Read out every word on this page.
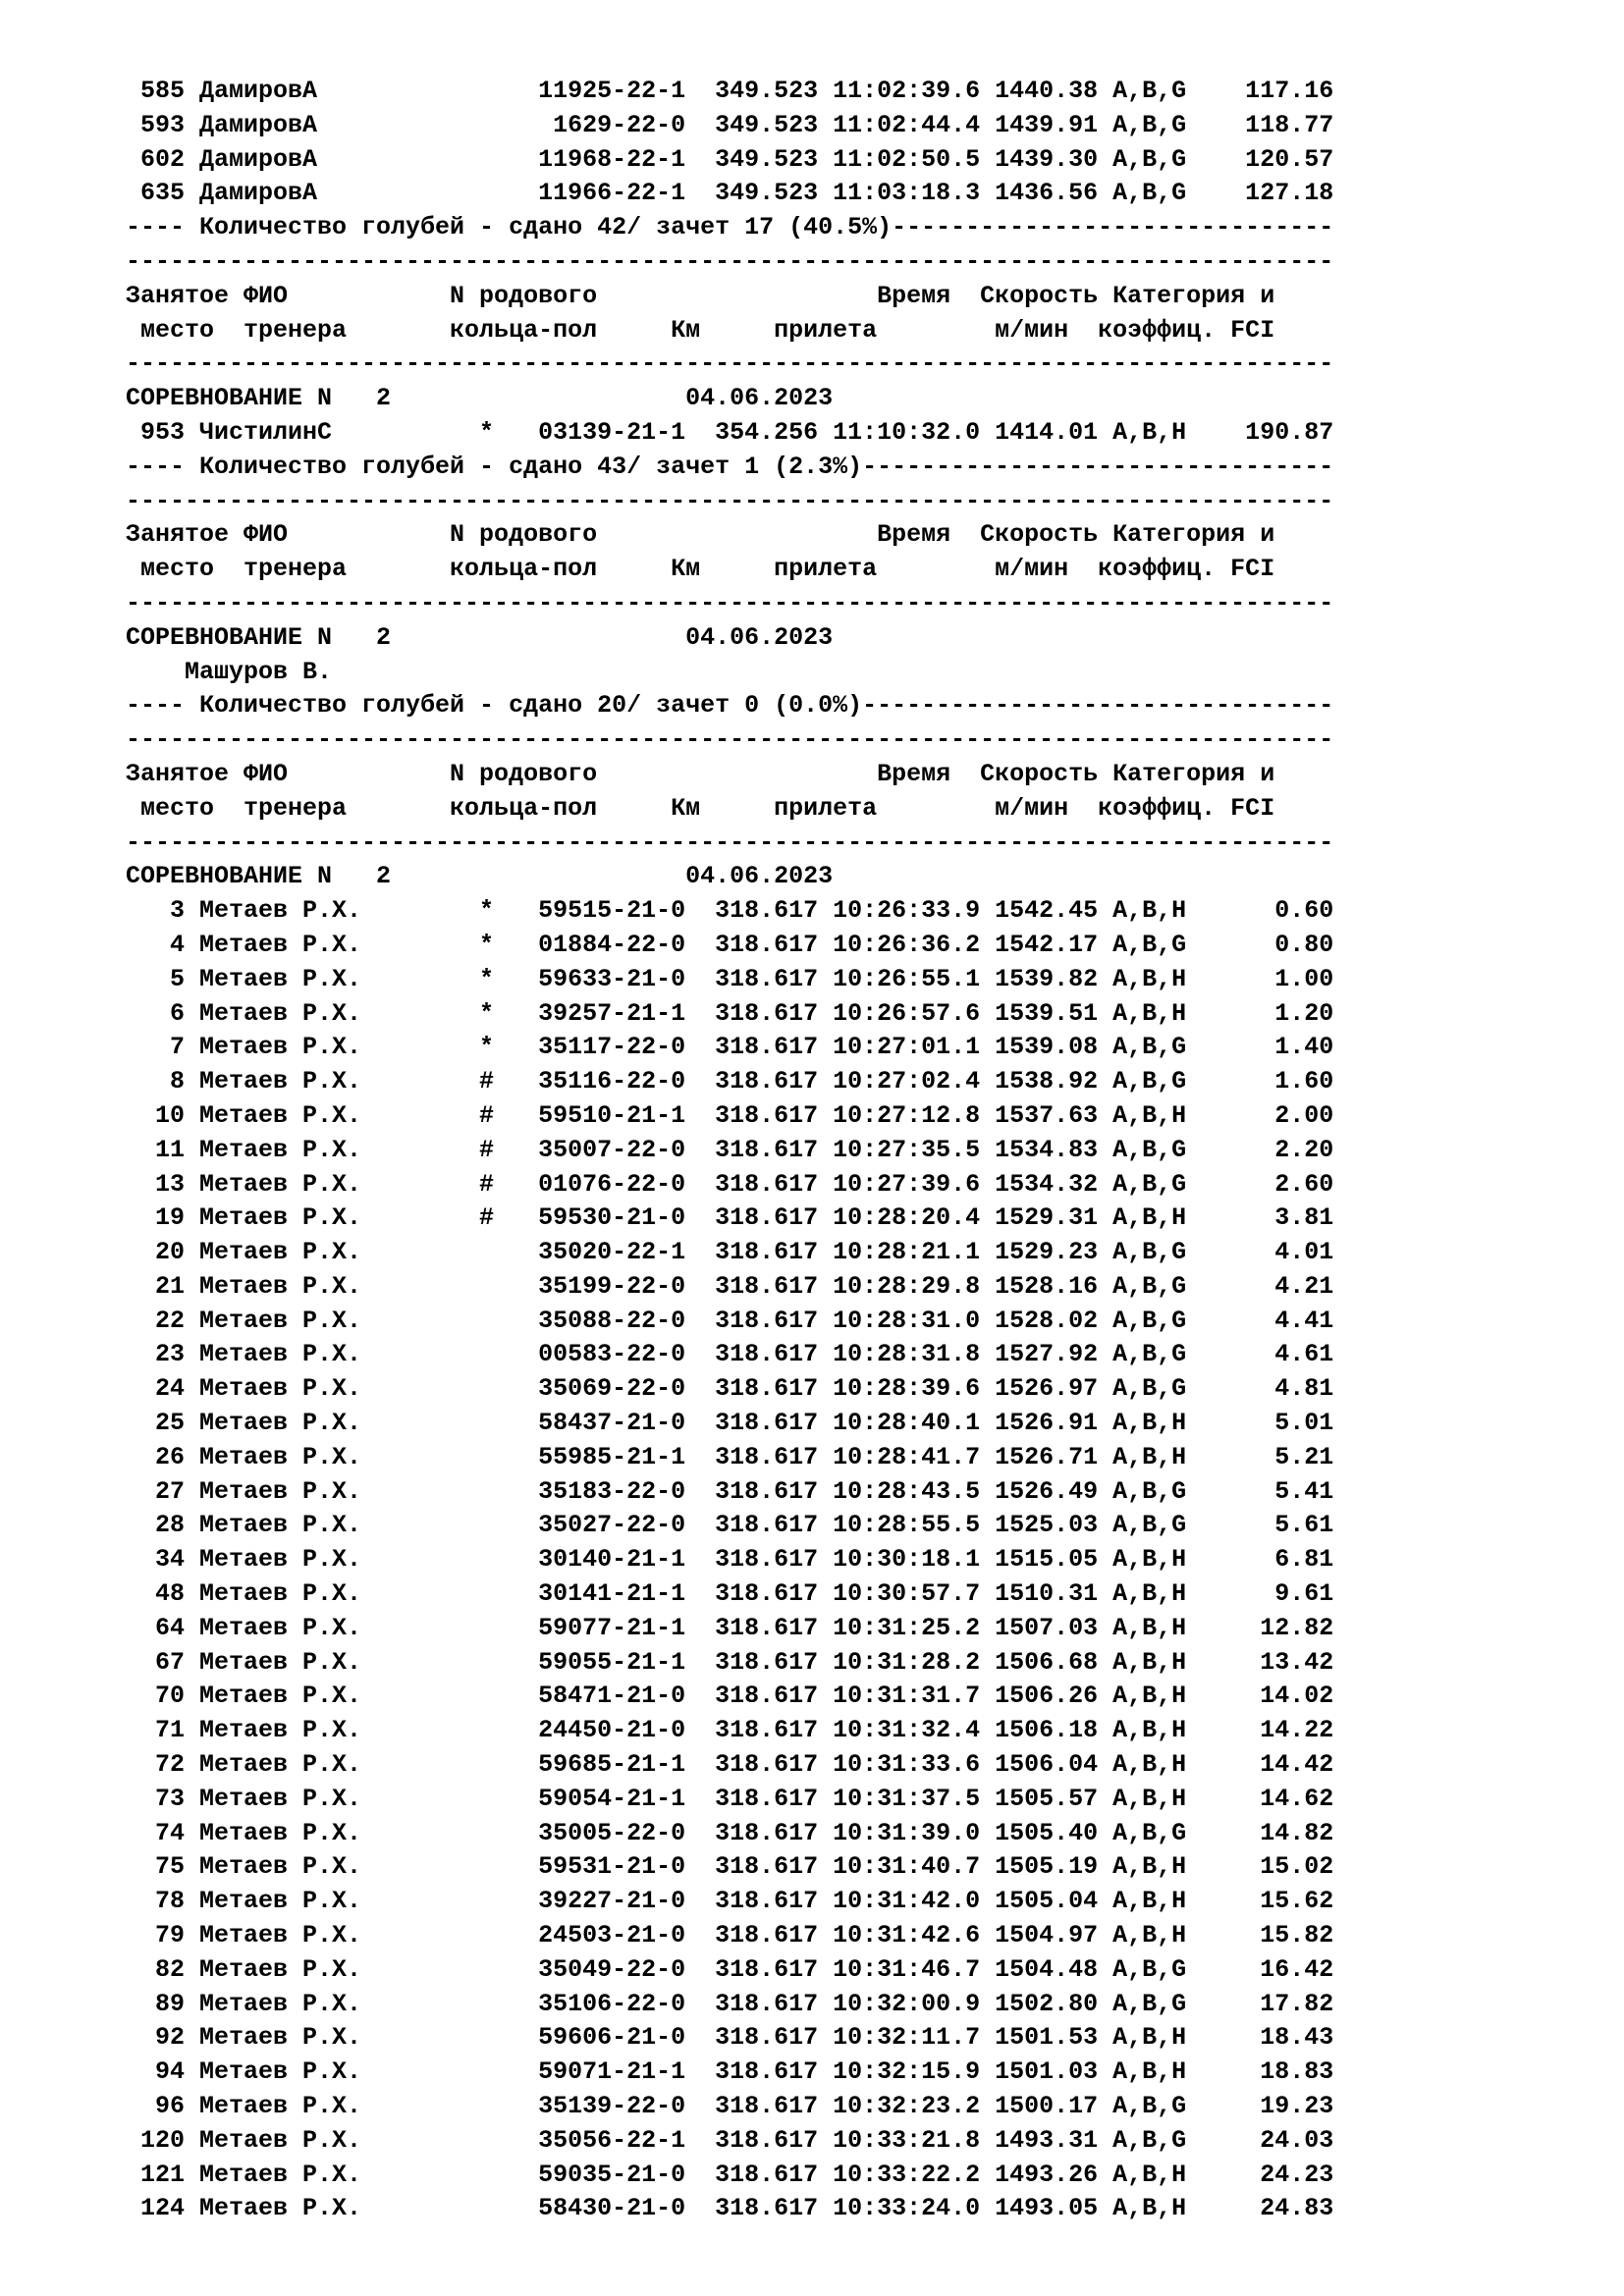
585 ДамировA               11925-22-1  349.523 11:02:39.6 1440.38 A,B,G    117.16
593 ДамировA                1629-22-0  349.523 11:02:44.4 1439.91 A,B,G    118.77
602 ДамировA               11968-22-1  349.523 11:02:50.5 1439.30 A,B,G    120.57
635 ДамировA               11966-22-1  349.523 11:03:18.3 1436.56 A,B,G    127.18
---- Количество голубей - сдано 42/ зачет 17 (40.5%)------------------------------
----------------------------------------------------------------------------------
Занятое ФИО           N родового                   Время  Скорость Категория и
место  тренера       кольца-пол     Км     прилета        м/мин  коэффиц. FCI
----------------------------------------------------------------------------------
СОРЕВНОВАНИЕ N   2                    04.06.2023
953 ЧистилинС          *   03139-21-1  354.256 11:10:32.0 1414.01 A,B,H    190.87
---- Количество голубей - сдано 43/ зачет 1 (2.3%)--------------------------------
----------------------------------------------------------------------------------
Занятое ФИО           N родового                   Время  Скорость Категория и
место  тренера       кольца-пол     Км     прилета        м/мин  коэффиц. FCI
----------------------------------------------------------------------------------
СОРЕВНОВАНИЕ N   2                    04.06.2023
Машуров В.
---- Количество голубей - сдано 20/ зачет 0 (0.0%)--------------------------------
----------------------------------------------------------------------------------
Занятое ФИО           N родового                   Время  Скорость Категория и
место  тренера       кольца-пол     Км     прилета        м/мин  коэффиц. FCI
----------------------------------------------------------------------------------
СОРЕВНОВАНИЕ N   2                    04.06.2023
3 Метаев Р.Х.        *   59515-21-0  318.617 10:26:33.9 1542.45 A,B,H      0.60
4 Метаев Р.Х.        *   01884-22-0  318.617 10:26:36.2 1542.17 A,B,G      0.80
5 Метаев Р.Х.        *   59633-21-0  318.617 10:26:55.1 1539.82 A,B,H      1.00
6 Метаев Р.Х.        *   39257-21-1  318.617 10:26:57.6 1539.51 A,B,H      1.20
7 Метаев Р.Х.        *   35117-22-0  318.617 10:27:01.1 1539.08 A,B,G      1.40
8 Метаев Р.Х.        #   35116-22-0  318.617 10:27:02.4 1538.92 A,B,G      1.60
10 Метаев Р.Х.        #   59510-21-1  318.617 10:27:12.8 1537.63 A,B,H      2.00
11 Метаев Р.Х.        #   35007-22-0  318.617 10:27:35.5 1534.83 A,B,G      2.20
13 Метаев Р.Х.        #   01076-22-0  318.617 10:27:39.6 1534.32 A,B,G      2.60
19 Метаев Р.Х.        #   59530-21-0  318.617 10:28:20.4 1529.31 A,B,H      3.81
20 Метаев Р.Х.            35020-22-1  318.617 10:28:21.1 1529.23 A,B,G      4.01
21 Метаев Р.Х.            35199-22-0  318.617 10:28:29.8 1528.16 A,B,G      4.21
22 Метаев Р.Х.            35088-22-0  318.617 10:28:31.0 1528.02 A,B,G      4.41
23 Метаев Р.Х.            00583-22-0  318.617 10:28:31.8 1527.92 A,B,G      4.61
24 Метаев Р.Х.            35069-22-0  318.617 10:28:39.6 1526.97 A,B,G      4.81
25 Метаев Р.Х.            58437-21-0  318.617 10:28:40.1 1526.91 A,B,H      5.01
26 Метаев Р.Х.            55985-21-1  318.617 10:28:41.7 1526.71 A,B,H      5.21
27 Метаев Р.Х.            35183-22-0  318.617 10:28:43.5 1526.49 A,B,G      5.41
28 Метаев Р.Х.            35027-22-0  318.617 10:28:55.5 1525.03 A,B,G      5.61
34 Метаев Р.Х.            30140-21-1  318.617 10:30:18.1 1515.05 A,B,H      6.81
48 Метаев Р.Х.            30141-21-1  318.617 10:30:57.7 1510.31 A,B,H      9.61
64 Метаев Р.Х.            59077-21-1  318.617 10:31:25.2 1507.03 A,B,H     12.82
67 Метаев Р.Х.            59055-21-1  318.617 10:31:28.2 1506.68 A,B,H     13.42
70 Метаев Р.Х.            58471-21-0  318.617 10:31:31.7 1506.26 A,B,H     14.02
71 Метаев Р.Х.            24450-21-0  318.617 10:31:32.4 1506.18 A,B,H     14.22
72 Метаев Р.Х.            59685-21-1  318.617 10:31:33.6 1506.04 A,B,H     14.42
73 Метаев Р.Х.            59054-21-1  318.617 10:31:37.5 1505.57 A,B,H     14.62
74 Метаев Р.Х.            35005-22-0  318.617 10:31:39.0 1505.40 A,B,G     14.82
75 Метаев Р.Х.            59531-21-0  318.617 10:31:40.7 1505.19 A,B,H     15.02
78 Метаев Р.Х.            39227-21-0  318.617 10:31:42.0 1505.04 A,B,H     15.62
79 Метаев Р.Х.            24503-21-0  318.617 10:31:42.6 1504.97 A,B,H     15.82
82 Метаев Р.Х.            35049-22-0  318.617 10:31:46.7 1504.48 A,B,G     16.42
89 Метаев Р.Х.            35106-22-0  318.617 10:32:00.9 1502.80 A,B,G     17.82
92 Метаев Р.Х.            59606-21-0  318.617 10:32:11.7 1501.53 A,B,H     18.43
94 Метаев Р.Х.            59071-21-1  318.617 10:32:15.9 1501.03 A,B,H     18.83
96 Метаев Р.Х.            35139-22-0  318.617 10:32:23.2 1500.17 A,B,G     19.23
120 Метаев Р.Х.            35056-22-1  318.617 10:33:21.8 1493.31 A,B,G     24.03
121 Метаев Р.Х.            59035-21-0  318.617 10:33:22.2 1493.26 A,B,H     24.23
124 Метаев Р.Х.            58430-21-0  318.617 10:33:24.0 1493.05 A,B,H     24.83
